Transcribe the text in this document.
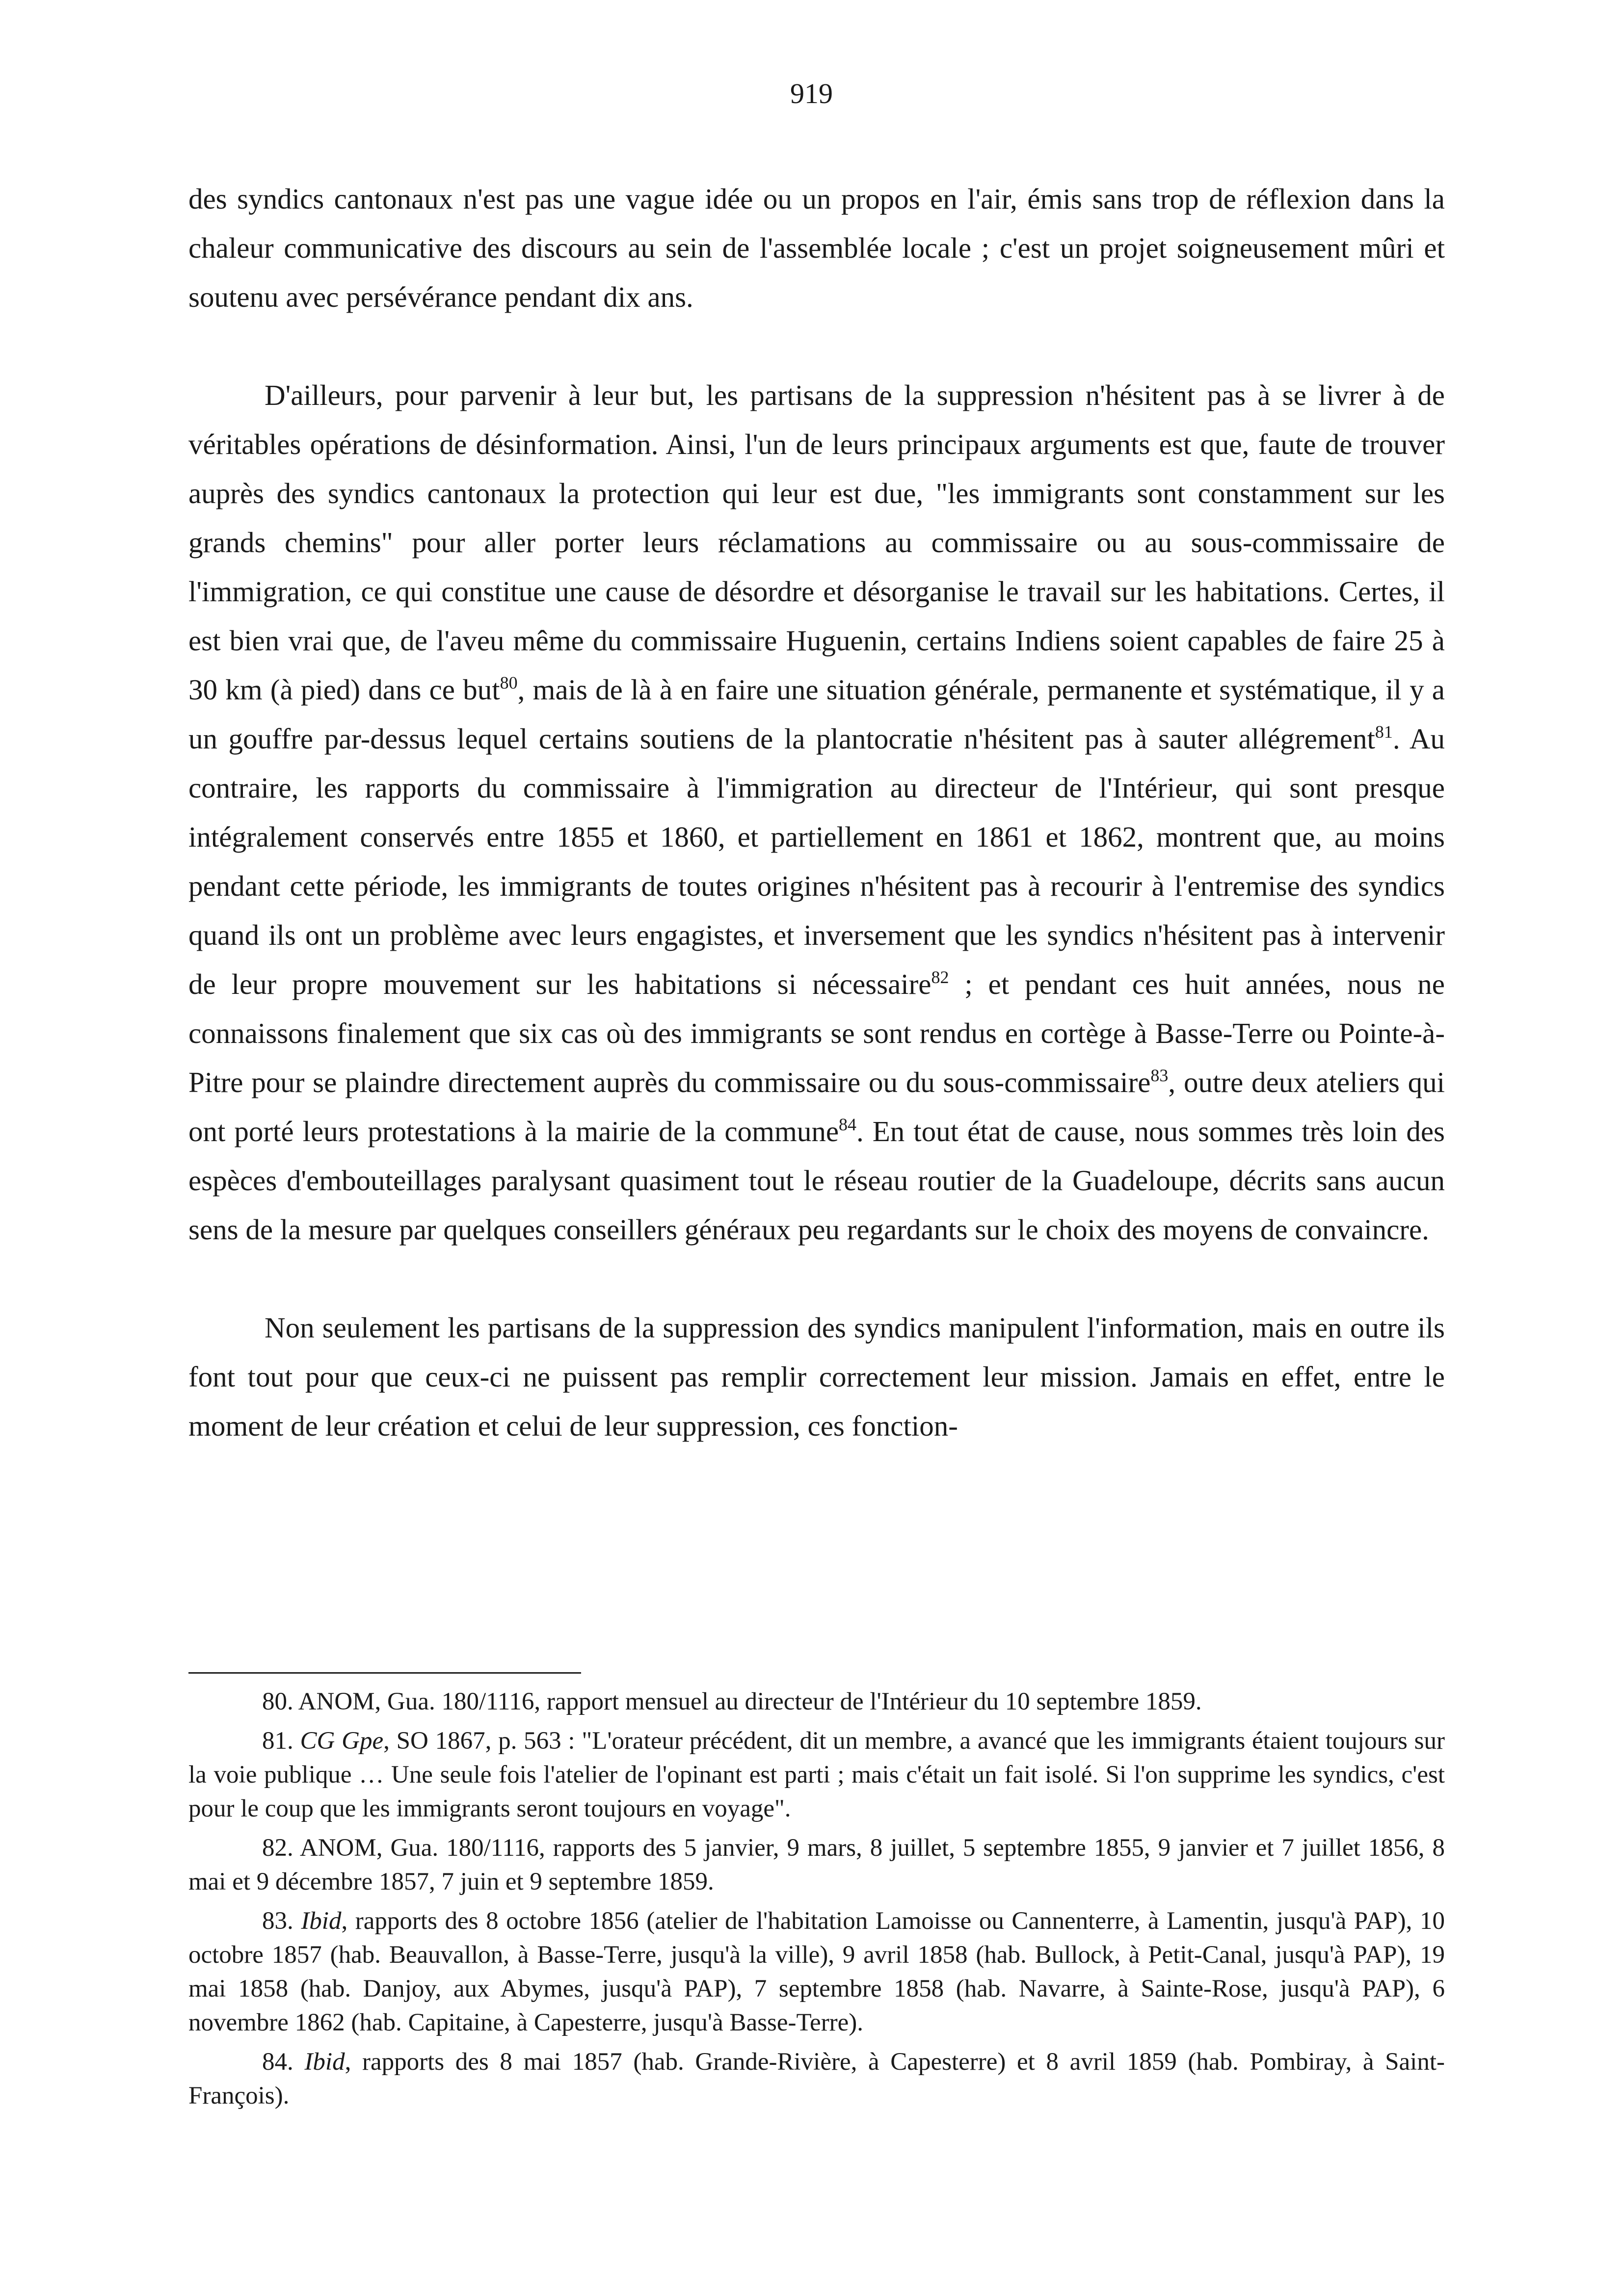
919

des syndics cantonaux n'est pas une vague idée ou un propos en l'air, émis sans trop de réflexion dans la chaleur communicative des discours au sein de l'assemblée locale ; c'est un projet soigneusement mûri et soutenu avec persévérance pendant dix ans.

D'ailleurs, pour parvenir à leur but, les partisans de la suppression n'hésitent pas à se livrer à de véritables opérations de désinformation. Ainsi, l'un de leurs principaux arguments est que, faute de trouver auprès des syndics cantonaux la protection qui leur est due, "les immigrants sont constamment sur les grands chemins" pour aller porter leurs réclamations au commissaire ou au sous-commissaire de l'immigration, ce qui constitue une cause de désordre et désorganise le travail sur les habitations. Certes, il est bien vrai que, de l'aveu même du commissaire Huguenin, certains Indiens soient capables de faire 25 à 30 km (à pied) dans ce but$^{80}$, mais de là à en faire une situation générale, permanente et systématique, il y a un gouffre par-dessus lequel certains soutiens de la plantocratie n'hésitent pas à sauter allégrement$^{81}$. Au contraire, les rapports du commissaire à l'immigration au directeur de l'Intérieur, qui sont presque intégralement conservés entre 1855 et 1860, et partiellement en 1861 et 1862, montrent que, au moins pendant cette période, les immigrants de toutes origines n'hésitent pas à recourir à l'entremise des syndics quand ils ont un problème avec leurs engagistes, et inversement que les syndics n'hésitent pas à intervenir de leur propre mouvement sur les habitations si nécessaire$^{82}$ ; et pendant ces huit années, nous ne connaissons finalement que six cas où des immigrants se sont rendus en cortège à Basse-Terre ou Pointe-à-Pitre pour se plaindre directement auprès du commissaire ou du sous-commissaire$^{83}$, outre deux ateliers qui ont porté leurs protestations à la mairie de la commune$^{84}$. En tout état de cause, nous sommes très loin des espèces d'embouteillages paralysant quasiment tout le réseau routier de la Guadeloupe, décrits sans aucun sens de la mesure par quelques conseillers généraux peu regardants sur le choix des moyens de convaincre.

Non seulement les partisans de la suppression des syndics manipulent l'information, mais en outre ils font tout pour que ceux-ci ne puissent pas remplir correctement leur mission. Jamais en effet, entre le moment de leur création et celui de leur suppression, ces fonction-

80. ANOM, Gua. 180/1116, rapport mensuel au directeur de l'Intérieur du 10 septembre 1859.

81. CG Gpe, SO 1867, p. 563 : "L'orateur précédent, dit un membre, a avancé que les immigrants étaient toujours sur la voie publique … Une seule fois l'atelier de l'opinant est parti ; mais c'était un fait isolé. Si l'on supprime les syndics, c'est pour le coup que les immigrants seront toujours en voyage".

82. ANOM, Gua. 180/1116, rapports des 5 janvier, 9 mars, 8 juillet, 5 septembre 1855, 9 janvier et 7 juillet 1856, 8 mai et 9 décembre 1857, 7 juin et 9 septembre 1859.

83. Ibid, rapports des 8 octobre 1856 (atelier de l'habitation Lamoisse ou Cannenterre, à Lamentin, jusqu'à PAP), 10 octobre 1857 (hab. Beauvallon, à Basse-Terre, jusqu'à la ville), 9 avril 1858 (hab. Bullock, à Petit-Canal, jusqu'à PAP), 19 mai 1858 (hab. Danjoy, aux Abymes, jusqu'à PAP), 7 septembre 1858 (hab. Navarre, à Sainte-Rose, jusqu'à PAP), 6 novembre 1862 (hab. Capitaine, à Capesterre, jusqu'à Basse-Terre).

84. Ibid, rapports des 8 mai 1857 (hab. Grande-Rivière, à Capesterre) et 8 avril 1859 (hab. Pombiray, à Saint-François).
